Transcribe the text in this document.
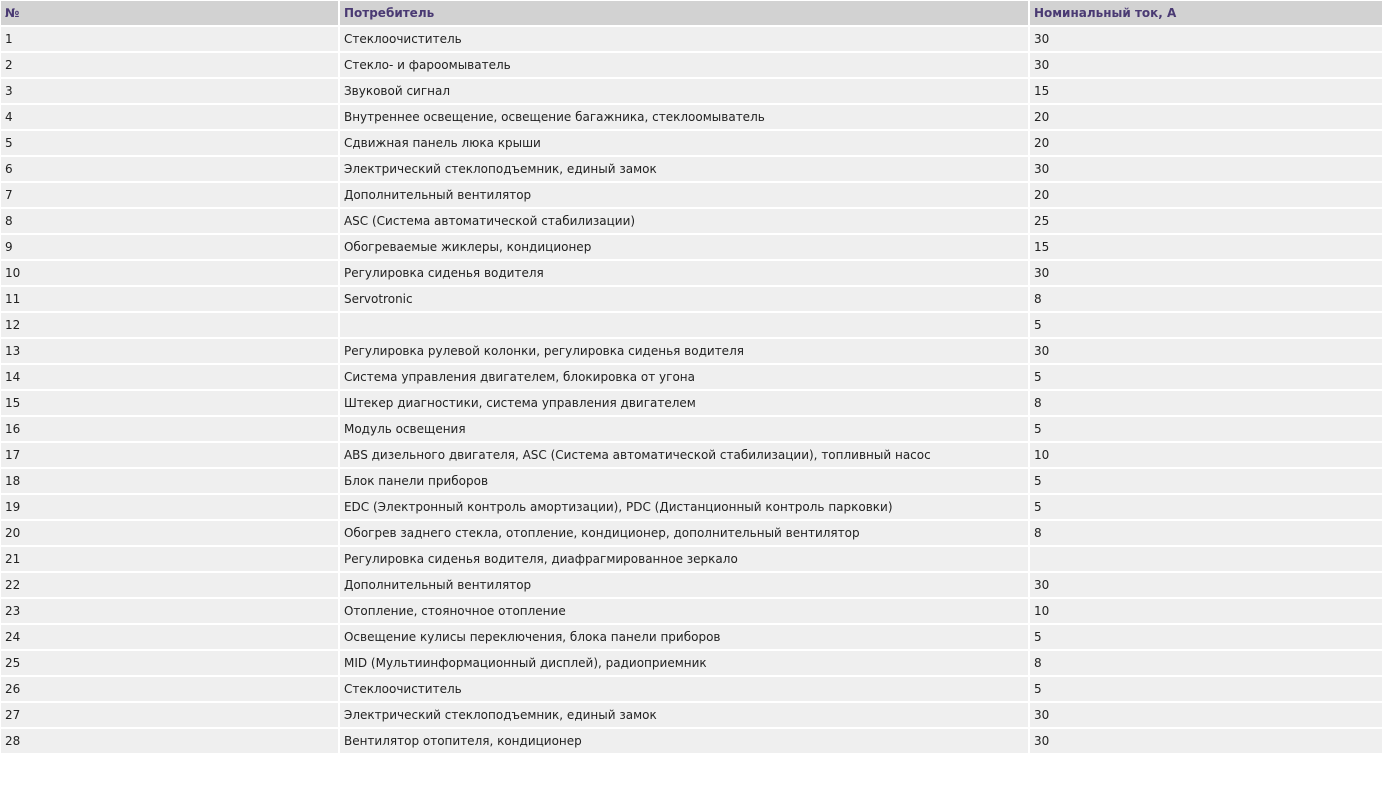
№	Потребитель	Номинальный ток, А
1	Стеклоочиститель	30
2	Стекло- и фароомыватель	30
3	Звуковой сигнал	15
4	Внутреннее освещение, освещение багажника, стеклоомыватель	20
5	Сдвижная панель люка крыши	20
6	Электрический стеклоподъемник, единый замок	30
7	Дополнительный вентилятор	20
8	ASC (Система автоматической стабилизации)	25
9	Обогреваемые жиклеры, кондиционер	15
10	Регулировка сиденья водителя	30
11	Servotronic	8
12		5
13	Регулировка рулевой колонки, регулировка сиденья водителя	30
14	Система управления двигателем, блокировка от угона	5
15	Штекер диагностики, система управления двигателем	8
16	Модуль освещения	5
17	ABS дизельного двигателя, ASC (Система автоматической стабилизации), топливный насос	10
18	Блок панели приборов	5
19	EDC (Электронный контроль амортизации), PDC (Дистанционный контроль парковки)	5
20	Обогрев заднего стекла, отопление, кондиционер, дополнительный вентилятор	8
21	Регулировка сиденья водителя, диафрагмированное зеркало	
22	Дополнительный вентилятор	30
23	Отопление, стояночное отопление	10
24	Освещение кулисы переключения, блока панели приборов	5
25	MID (Мультиинформационный дисплей), радиоприемник	8
26	Стеклоочиститель	5
27	Электрический стеклоподъемник, единый замок	30
28	Вентилятор отопителя, кондиционер	30
